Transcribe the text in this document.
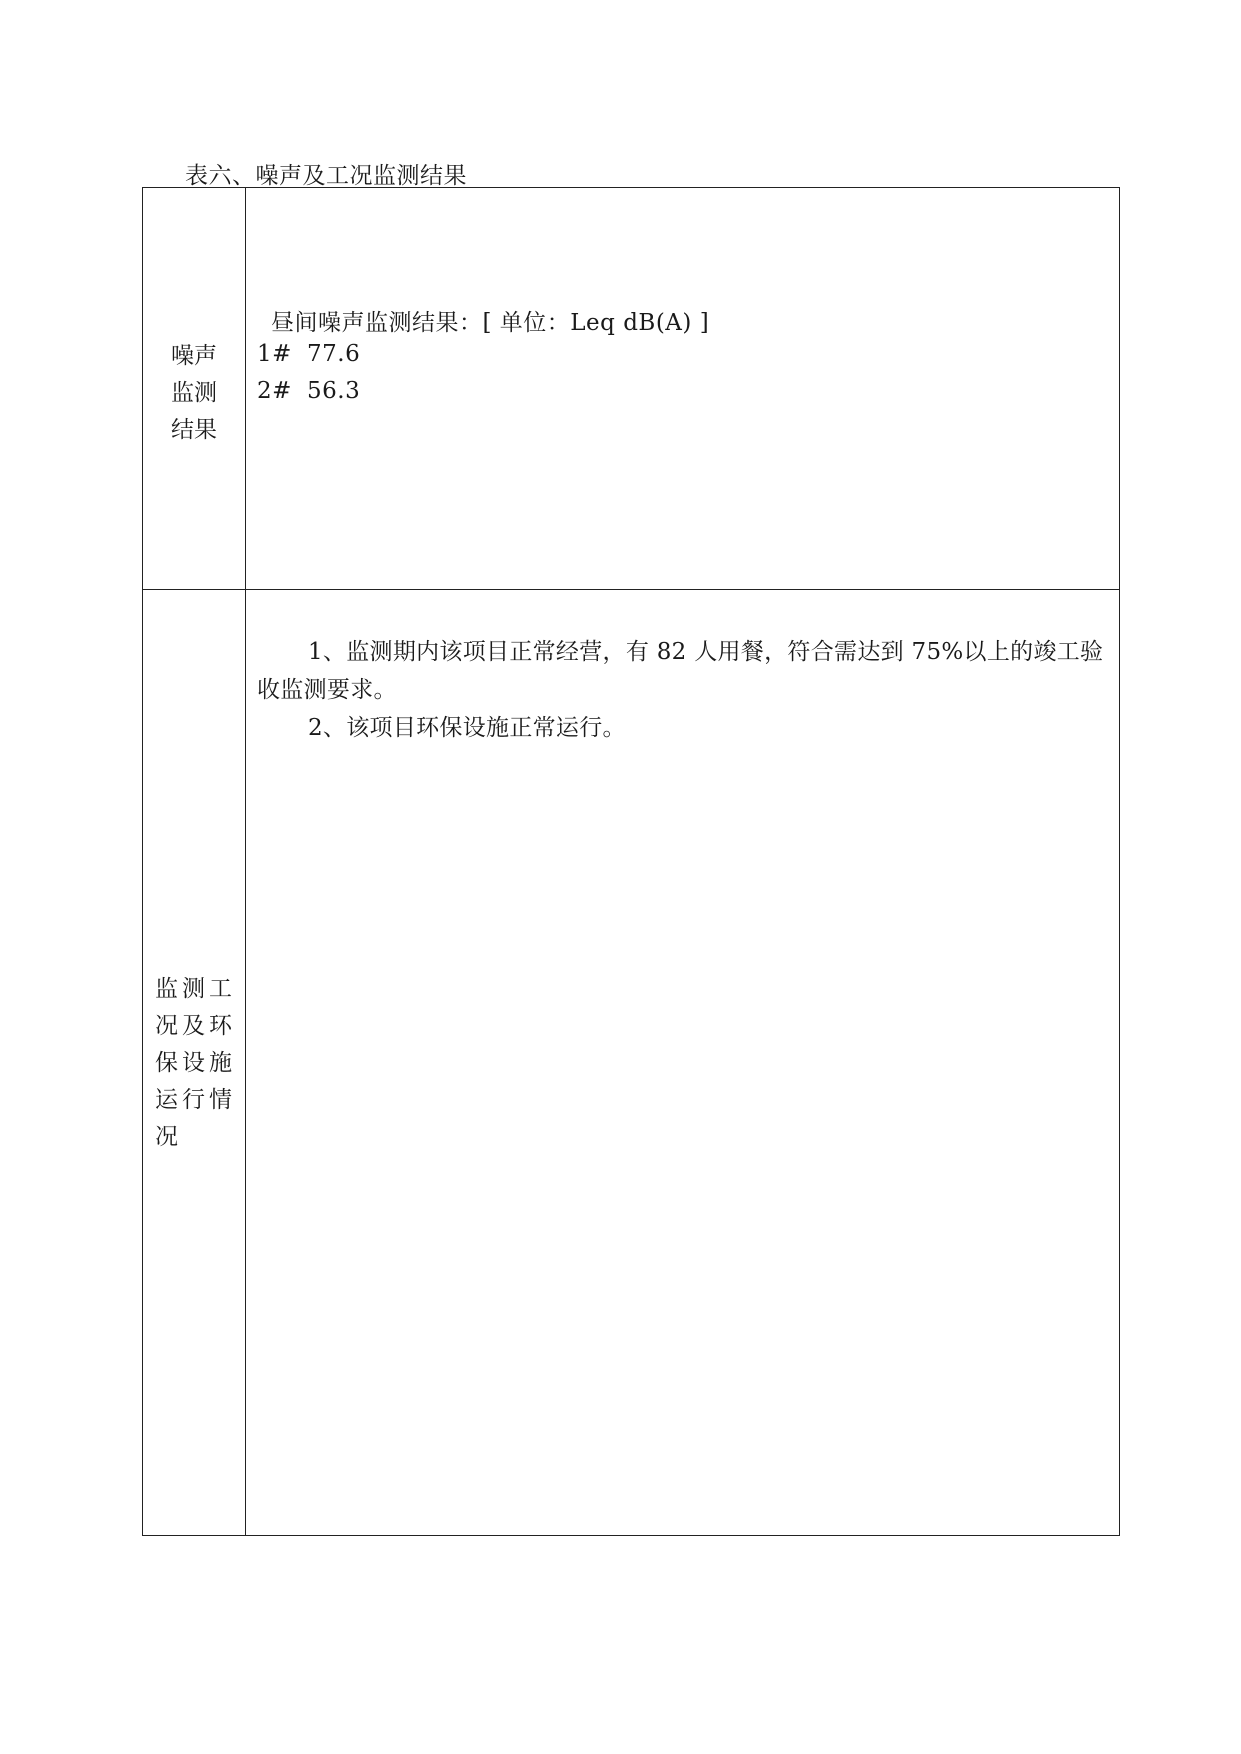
表六、噪声及工况监测结果
噪声
监测
结果
昼间噪声监测结果：[ 单位：Leq dB(A) ]
1# 77.6
2# 56.3
监测工
况及环
保设施
运行情
况
1、监测期内该项目正常经营，有 82 人用餐，符合需达到 75%以上的竣工验收监测要求。
2、该项目环保设施正常运行。
